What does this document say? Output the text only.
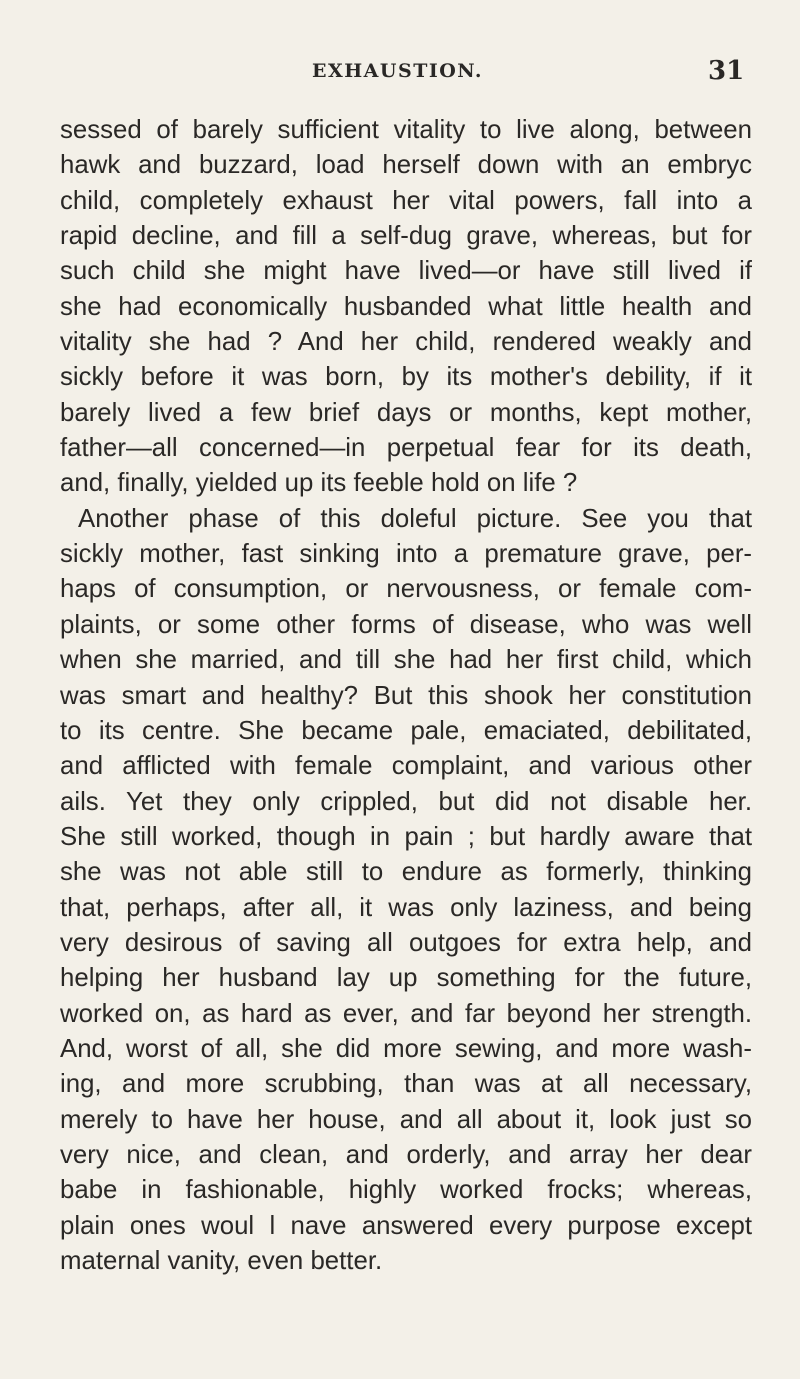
EXHAUSTION.	31
sessed of barely sufficient vitality to live along, between
hawk and buzzard, load herself down with an embryc
child, completely exhaust her vital powers, fall into a
rapid decline, and fill a self-dug grave, whereas, but for
such child she might have lived—or have still lived if
she had economically husbanded what little health and
vitality she had ? And her child, rendered weakly and
sickly before it was born, by its mother's debility, if it
barely lived a few brief days or months, kept mother,
father—all concerned—in perpetual fear for its death,
and, finally, yielded up its feeble hold on life ?
Another phase of this doleful picture. See you that
sickly mother, fast sinking into a premature grave, per-
haps of consumption, or nervousness, or female com-
plaints, or some other forms of disease, who was well
when she married, and till she had her first child, which
was smart and healthy? But this shook her constitution
to its centre. She became pale, emaciated, debilitated,
and afflicted with female complaint, and various other
ails. Yet they only crippled, but did not disable her.
She still worked, though in pain ; but hardly aware that
she was not able still to endure as formerly, thinking
that, perhaps, after all, it was only laziness, and being
very desirous of saving all outgoes for extra help, and
helping her husband lay up something for the future,
worked on, as hard as ever, and far beyond her strength.
And, worst of all, she did more sewing, and more wash-
ing, and more scrubbing, than was at all necessary,
merely to have her house, and all about it, look just so
very nice, and clean, and orderly, and array her dear
babe in fashionable, highly worked frocks; whereas,
plain ones woul l nave answered every purpose except
maternal vanity, even better.
